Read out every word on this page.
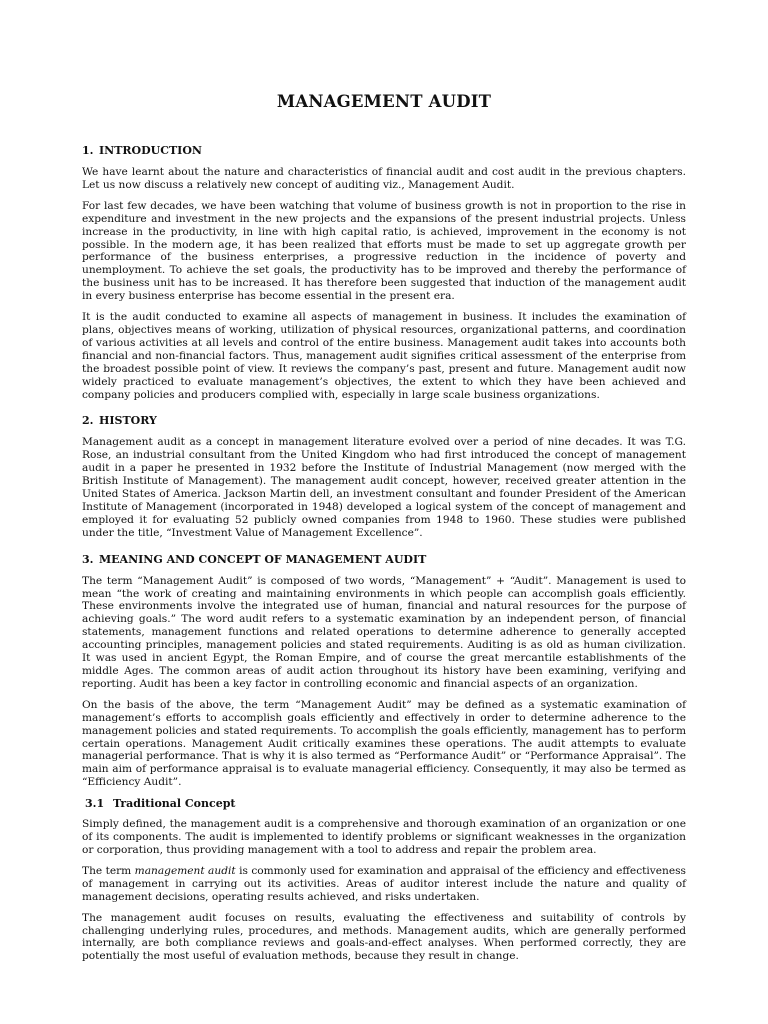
MANAGEMENT AUDIT
1. INTRODUCTION

We have learnt about the nature and characteristics of financial audit and cost audit in the previous chapters. Let us now discuss a relatively new concept of auditing viz., Management Audit.

For last few decades, we have been watching that volume of business growth is not in proportion to the rise in expenditure and investment in the new projects and the expansions of the present industrial projects. Unless increase in the productivity, in line with high capital ratio, is achieved, improvement in the economy is not possible. In the modern age, it has been realized that efforts must be made to set up aggregate growth per performance of the business enterprises, a progressive reduction in the incidence of poverty and unemployment. To achieve the set goals, the productivity has to be improved and thereby the performance of the business unit has to be increased. It has therefore been suggested that induction of the management audit in every business enterprise has become essential in the present era.

It is the audit conducted to examine all aspects of management in business. It includes the examination of plans, objectives means of working, utilization of physical resources, organizational patterns, and coordination of various activities at all levels and control of the entire business. Management audit takes into accounts both financial and non-financial factors. Thus, management audit signifies critical assessment of the enterprise from the broadest possible point of view. It reviews the company’s past, present and future. Management audit now widely practiced to evaluate management’s objectives, the extent to which they have been achieved and company policies and producers complied with, especially in large scale business organizations.

2. HISTORY

Management audit as a concept in management literature evolved over a period of nine decades. It was T.G. Rose, an industrial consultant from the United Kingdom who had first introduced the concept of management audit in a paper he presented in 1932 before the Institute of Industrial Management (now merged with the British Institute of Management). The management audit concept, however, received greater attention in the United States of America. Jackson Martin dell, an investment consultant and founder President of the American Institute of Management (incorporated in 1948) developed a logical system of the concept of management and employed it for evaluating 52 publicly owned companies from 1948 to 1960. These studies were published under the title, “Investment Value of Management Excellence”.

3. MEANING AND CONCEPT OF MANAGEMENT AUDIT

The term “Management Audit” is composed of two words, “Management” + “Audit”. Management is used to mean “the work of creating and maintaining environments in which people can accomplish goals efficiently. These environments involve the integrated use of human, financial and natural resources for the purpose of achieving goals.” The word audit refers to a systematic examination by an independent person, of financial statements, management functions and related operations to determine adherence to generally accepted accounting principles, management policies and stated requirements. Auditing is as old as human civilization. It was used in ancient Egypt, the Roman Empire, and of course the great mercantile establishments of the middle Ages. The common areas of audit action throughout its history have been examining, verifying and reporting. Audit has been a key factor in controlling economic and financial aspects of an organization.

On the basis of the above, the term “Management Audit” may be defined as a systematic examination of management’s efforts to accomplish goals efficiently and effectively in order to determine adherence to the management policies and stated requirements. To accomplish the goals efficiently, management has to perform certain operations. Management Audit critically examines these operations. The audit attempts to evaluate managerial performance. That is why it is also termed as “Performance Audit” or “Performance Appraisal”. The main aim of performance appraisal is to evaluate managerial efficiency. Consequently, it may also be termed as “Efficiency Audit”.

3.1 Traditional Concept

Simply defined, the management audit is a comprehensive and thorough examination of an organization or one of its components. The audit is implemented to identify problems or significant weaknesses in the organization or corporation, thus providing management with a tool to address and repair the problem area.

The term management audit is commonly used for examination and appraisal of the efficiency and effectiveness of management in carrying out its activities. Areas of auditor interest include the nature and quality of management decisions, operating results achieved, and risks undertaken.

The management audit focuses on results, evaluating the effectiveness and suitability of controls by challenging underlying rules, procedures, and methods. Management audits, which are generally performed internally, are both compliance reviews and goals-and-effect analyses. When performed correctly, they are potentially the most useful of evaluation methods, because they result in change.
